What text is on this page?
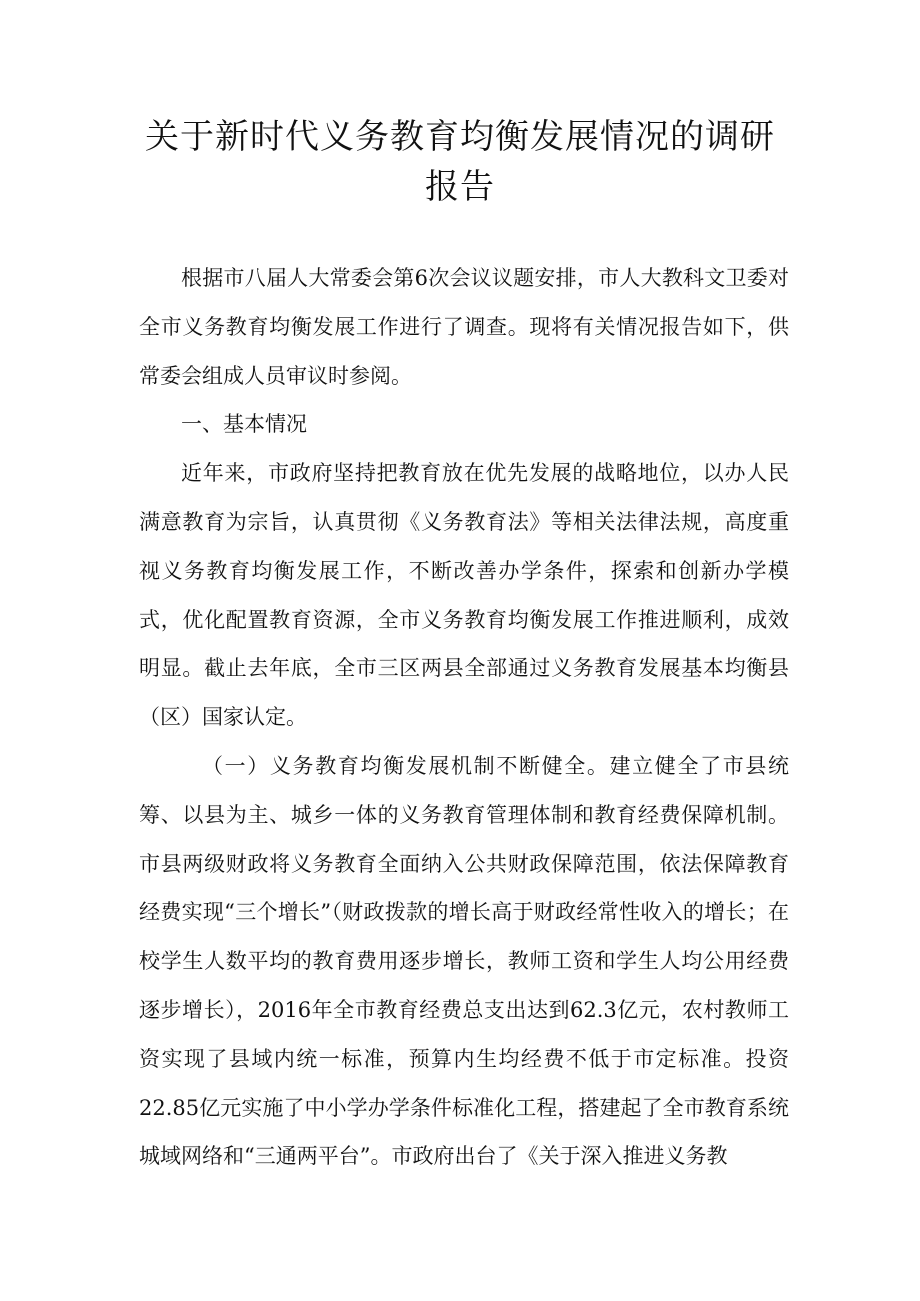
关于新时代义务教育均衡发展情况的调研
报告

根据市八届人大常委会第6次会议议题安排，市人大教科文卫委对全市义务教育均衡发展工作进行了调查。现将有关情况报告如下，供常委会组成人员审议时参阅。

一、基本情况

近年来，市政府坚持把教育放在优先发展的战略地位，以办人民满意教育为宗旨，认真贯彻《义务教育法》等相关法律法规，高度重视义务教育均衡发展工作，不断改善办学条件，探索和创新办学模式，优化配置教育资源，全市义务教育均衡发展工作推进顺利，成效明显。截止去年底，全市三区两县全部通过义务教育发展基本均衡县（区）国家认定。

（一）义务教育均衡发展机制不断健全。建立健全了市县统筹、以县为主、城乡一体的义务教育管理体制和教育经费保障机制。市县两级财政将义务教育全面纳入公共财政保障范围，依法保障教育经费实现“三个增长”（财政拨款的增长高于财政经常性收入的增长；在校学生人数平均的教育费用逐步增长，教师工资和学生人均公用经费逐步增长），2016年全市教育经费总支出达到62.3亿元，农村教师工资实现了县域内统一标准，预算内生均经费不低于市定标准。投资22.85亿元实施了中小学办学条件标准化工程，搭建起了全市教育系统城域网络和“三通两平台”。市政府出台了《关于深入推进义务教
